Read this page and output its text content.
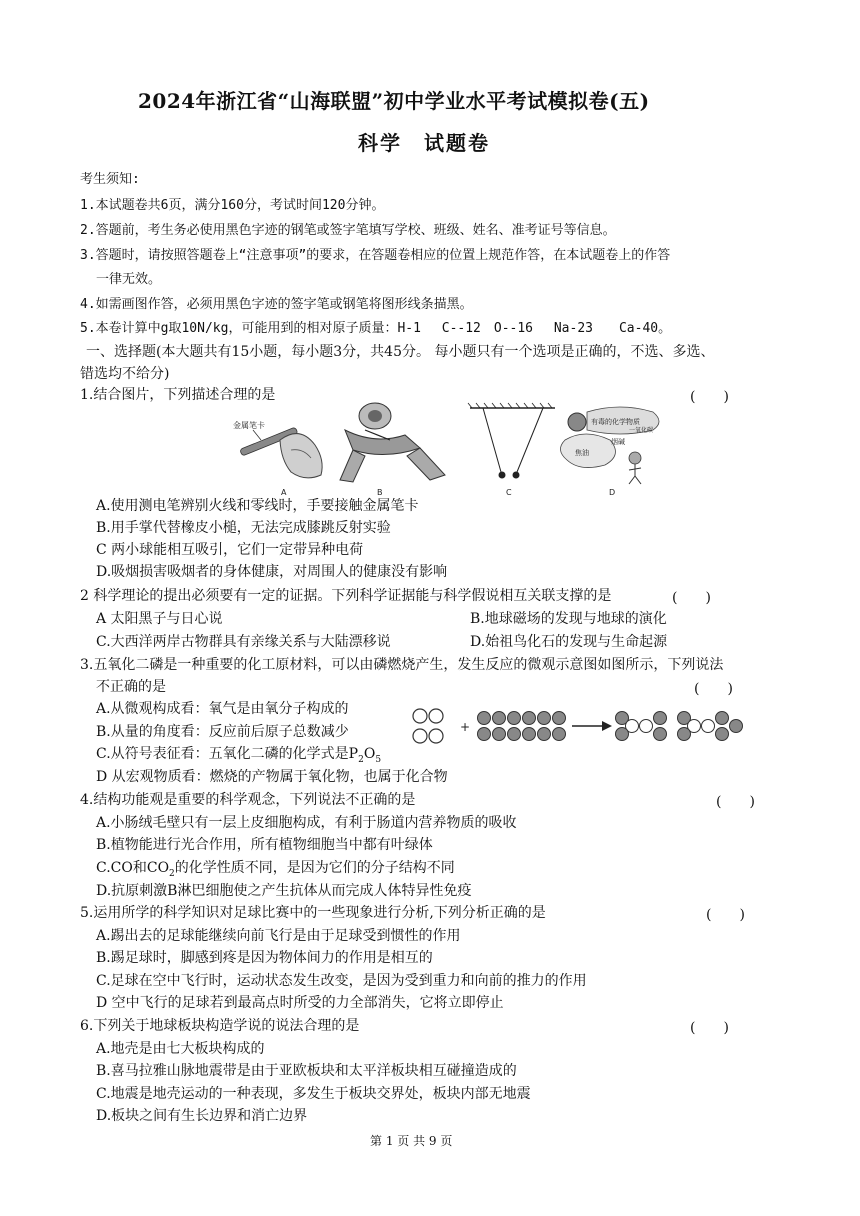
2024年浙江省“山海联盟”初中学业水平考试模拟卷(五)
科学　试题卷
考生须知:
1.本试题卷共6页，满分160分，考试时间120分钟。
2.答题前，考生务必使用黑色字迹的钢笔或签字笔填写学校、班级、姓名、准考证号等信息。
3.答题时，请按照答题卷上“注意事项”的要求，在答题卷相应的位置上规范作答，在本试题卷上的作答
一律无效。
4.如需画图作答，必须用黑色字迹的签字笔或钢笔将图形线条描黑。
5.本卷计算中g取10N/kg，可能用到的相对原子质量：H-1　 C--12　O--16　 Na-23　　Ca-40。
一、选择题(本大题共有15小题，每小题3分，共45分。 每小题只有一个选项是正确的，不选、多选、
错选均不给分)
1.结合图片，下列描述合理的是	(　　)
金属笔卡
A	B	C
有毒的化学物质
焦油
烟碱
一氧化碳
D
A.使用测电笔辨别火线和零线时，手要接触金属笔卡
B.用手掌代替橡皮小槌，无法完成膝跳反射实验
C 两小球能相互吸引，它们一定带异种电荷
D.吸烟损害吸烟者的身体健康，对周围人的健康没有影响
2 科学理论的提出必须要有一定的证据。下列科学证据能与科学假说相互关联支撑的是	(　　)
A 太阳黑子与日心说	B.地球磁场的发现与地球的演化
C.大西洋两岸古物群具有亲缘关系与大陆漂移说	D.始祖鸟化石的发现与生命起源
3.五氧化二磷是一种重要的化工原材料，可以由磷燃烧产生，发生反应的微观示意图如图所示，下列说法
不正确的是	(　　)
A.从微观构成看：氧气是由氧分子构成的
B.从量的角度看：反应前后原子总数减少
C.从符号表征看：五氧化二磷的化学式是$P_2O_5$
D 从宏观物质看：燃烧的产物属于氧化物，也属于化合物
+
4.结构功能观是重要的科学观念，下列说法不正确的是	(　　)
A.小肠绒毛壁只有一层上皮细胞构成，有利于肠道内营养物质的吸收
B.植物能进行光合作用，所有植物细胞当中都有叶绿体
C.CO和$CO_2$的化学性质不同，是因为它们的分子结构不同
D.抗原刺激B淋巴细胞使之产生抗体从而完成人体特异性免疫
5.运用所学的科学知识对足球比赛中的一些现象进行分析,下列分析正确的是	(　　)
A.踢出去的足球能继续向前飞行是由于足球受到惯性的作用
B.踢足球时，脚感到疼是因为物体间力的作用是相互的
C.足球在空中飞行时，运动状态发生改变，是因为受到重力和向前的推力的作用
D 空中飞行的足球若到最高点时所受的力全部消失，它将立即停止
6.下列关于地球板块构造学说的说法合理的是	(　　)
A.地壳是由七大板块构成的
B.喜马拉雅山脉地震带是由于亚欧板块和太平洋板块相互碰撞造成的
C.地震是地壳运动的一种表现，多发生于板块交界处，板块内部无地震
D.板块之间有生长边界和消亡边界
第 1 页 共 9 页
